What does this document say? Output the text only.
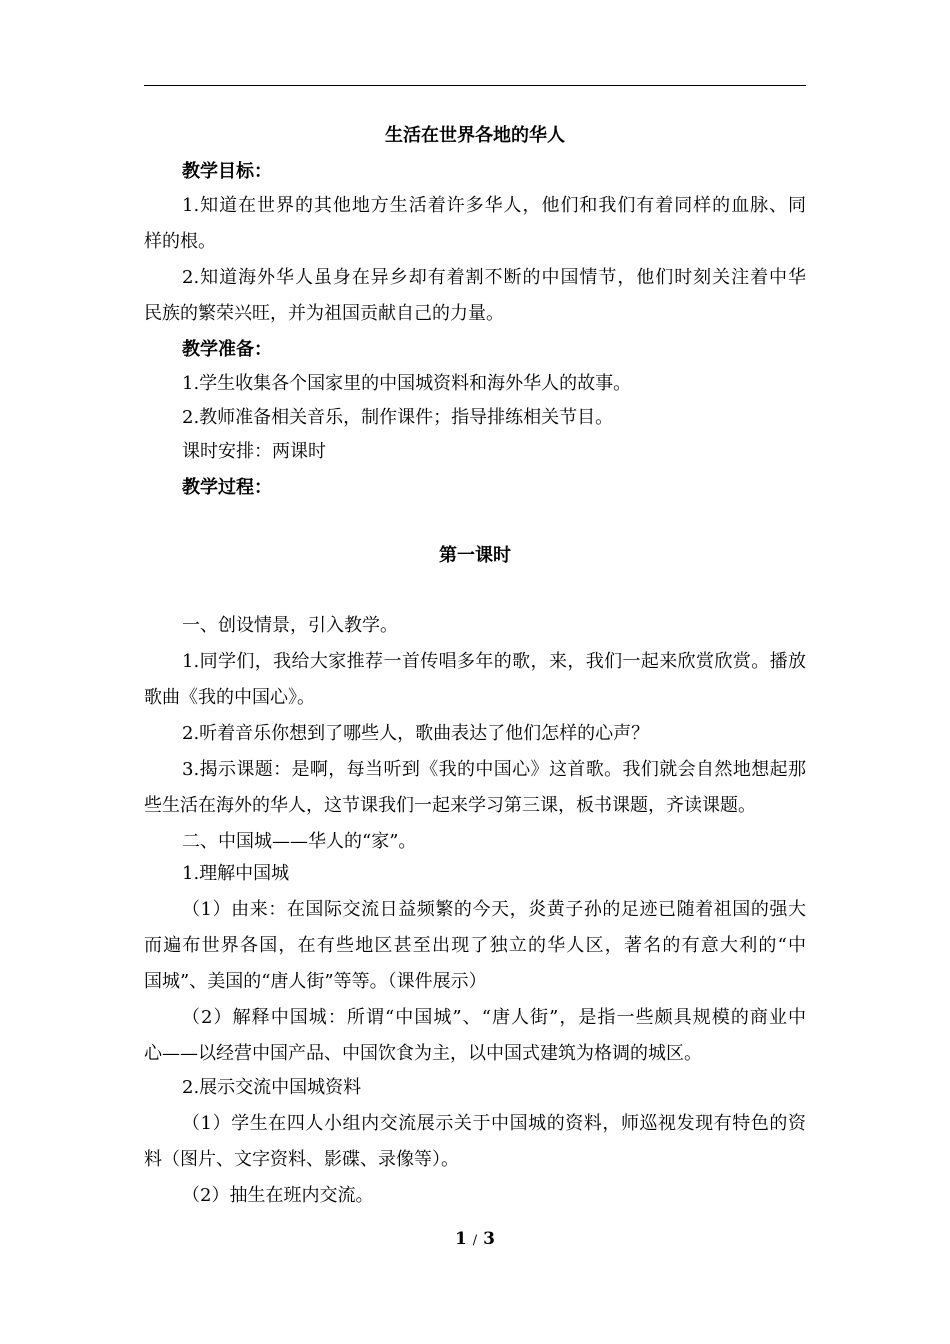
生活在世界各地的华人
教学目标：
1.知道在世界的其他地方生活着许多华人，他们和我们有着同样的血脉、同
样的根。
2.知道海外华人虽身在异乡却有着割不断的中国情节，他们时刻关注着中华
民族的繁荣兴旺，并为祖国贡献自己的力量。
教学准备：
1.学生收集各个国家里的中国城资料和海外华人的故事。
2.教师准备相关音乐，制作课件；指导排练相关节目。
课时安排：两课时
教学过程：
第一课时
一、创设情景，引入教学。
1.同学们，我给大家推荐一首传唱多年的歌，来，我们一起来欣赏欣赏。播放
歌曲《我的中国心》。
2.听着音乐你想到了哪些人，歌曲表达了他们怎样的心声？
3.揭示课题：是啊，每当听到《我的中国心》这首歌。我们就会自然地想起那
些生活在海外的华人，这节课我们一起来学习第三课，板书课题，齐读课题。
二、中国城——华人的“家”。
1.理解中国城
（1）由来：在国际交流日益频繁的今天，炎黄子孙的足迹已随着祖国的强大
而遍布世界各国，在有些地区甚至出现了独立的华人区，著名的有意大利的“中
国城”、美国的“唐人街”等等。（课件展示）
（2）解释中国城：所谓“中国城”、“唐人街”，是指一些颇具规模的商业中
心——以经营中国产品、中国饮食为主，以中国式建筑为格调的城区。
2.展示交流中国城资料
（1）学生在四人小组内交流展示关于中国城的资料，师巡视发现有特色的资
料（图片、文字资料、影碟、录像等）。
（2）抽生在班内交流。
1 / 3
